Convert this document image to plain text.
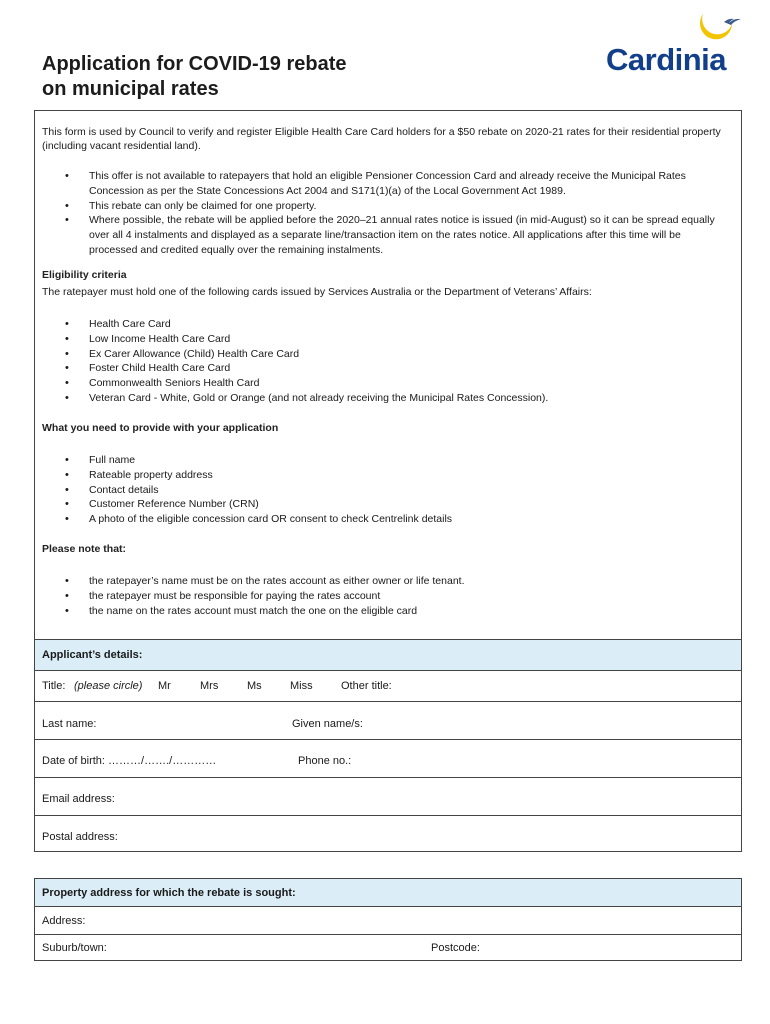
Application for COVID-19 rebate
on municipal rates
Cardinia

This form is used by Council to verify and register Eligible Health Care Card holders for a $50 rebate on 2020-21 rates for their residential property (including vacant residential land).

• This offer is not available to ratepayers that hold an eligible Pensioner Concession Card and already receive the Municipal Rates Concession as per the State Concessions Act 2004 and S171(1)(a) of the Local Government Act 1989.
• This rebate can only be claimed for one property.
• Where possible, the rebate will be applied before the 2020–21 annual rates notice is issued (in mid-August) so it can be spread equally over all 4 instalments and displayed as a separate line/transaction item on the rates notice. All applications after this time will be processed and credited equally over the remaining instalments.
Eligibility criteria
The ratepayer must hold one of the following cards issued by Services Australia or the Department of Veterans’ Affairs:
• Health Care Card
• Low Income Health Care Card
• Ex Carer Allowance (Child) Health Care Card
• Foster Child Health Care Card
• Commonwealth Seniors Health Card
• Veteran Card - White, Gold or Orange (and not already receiving the Municipal Rates Concession).
What you need to provide with your application
• Full name
• Rateable property address
• Contact details
• Customer Reference Number (CRN)
• A photo of the eligible concession card OR consent to check Centrelink details
Please note that:
• the ratepayer’s name must be on the rates account as either owner or life tenant.
• the ratepayer must be responsible for paying the rates account
• the name on the rates account must match the one on the eligible card
Applicant’s details:
Title: (please circle) Mr	Mrs	Ms	Miss	Other title:
Last name:	Given name/s:
Date of birth: ………/……./…………	Phone no.:
Email address:
Postal address:
Property address for which the rebate is sought:
Address:
Suburb/town:	Postcode:
